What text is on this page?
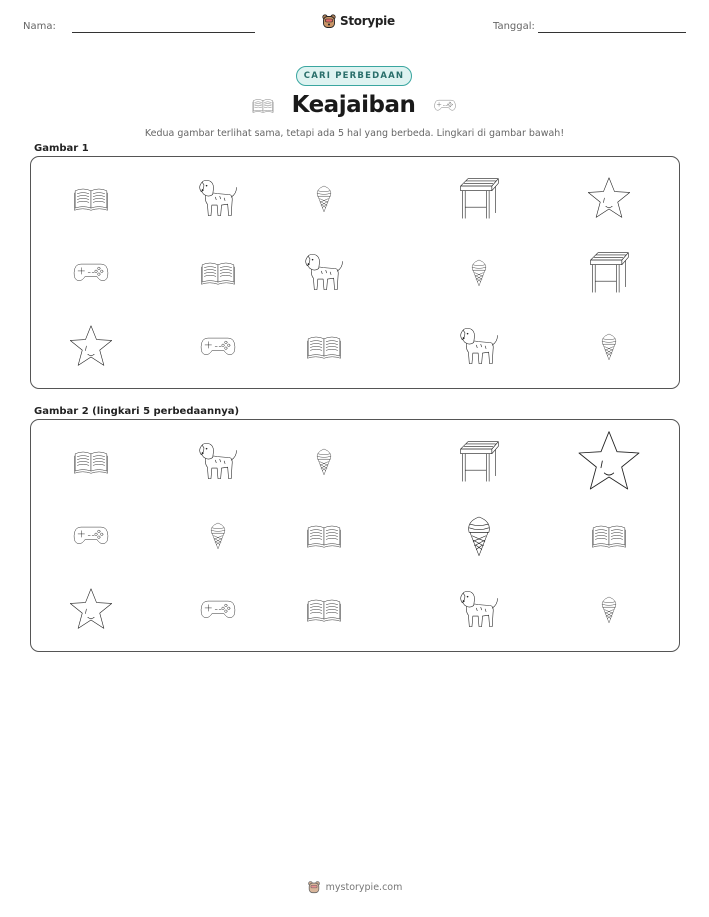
Nama:	Storypie	Tanggal:
CARI PERBEDAAN
Keajaiban
Kedua gambar terlihat sama, tetapi ada 5 hal yang berbeda. Lingkari di gambar bawah!
Gambar 1
Gambar 2 (lingkari 5 perbedaannya)
mystorypie.com
